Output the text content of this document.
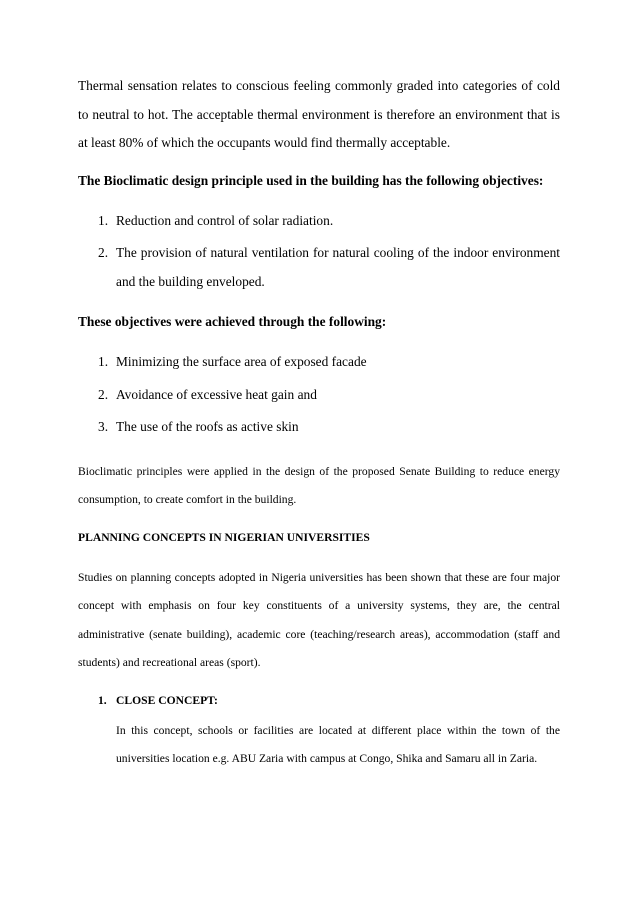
Thermal sensation relates to conscious feeling commonly graded into categories of cold to neutral to hot. The acceptable thermal environment is therefore an environment that is at least 80% of which the occupants would find thermally acceptable.

The Bioclimatic design principle used in the building has the following objectives:
1. Reduction and control of solar radiation.
2. The provision of natural ventilation for natural cooling of the indoor environment and the building enveloped.
These objectives were achieved through the following:
1. Minimizing the surface area of exposed facade
2. Avoidance of excessive heat gain and
3. The use of the roofs as active skin

Bioclimatic principles were applied in the design of the proposed Senate Building to reduce energy consumption, to create comfort in the building.

PLANNING CONCEPTS IN NIGERIAN UNIVERSITIES

Studies on planning concepts adopted in Nigeria universities has been shown that these are four major concept with emphasis on four key constituents of a university systems, they are, the central administrative (senate building), academic core (teaching/research areas), accommodation (staff and students) and recreational areas (sport).

1. CLOSE CONCEPT:

In this concept, schools or facilities are located at different place within the town of the universities location e.g. ABU Zaria with campus at Congo, Shika and Samaru all in Zaria.
